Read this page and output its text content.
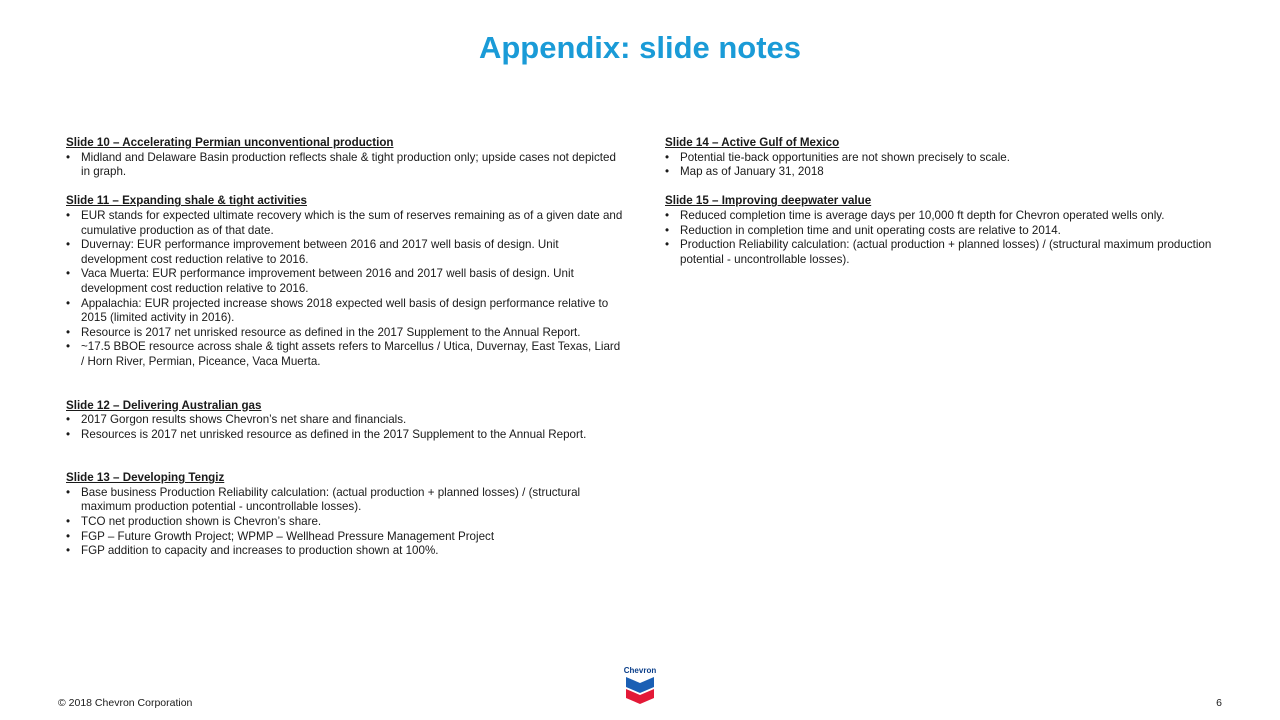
Appendix: slide notes
Slide 10 – Accelerating Permian unconventional production
• Midland and Delaware Basin production reflects shale & tight production only; upside cases not depicted in graph.
Slide 11 – Expanding shale & tight activities
• EUR stands for expected ultimate recovery which is the sum of reserves remaining as of a given date and cumulative production as of that date.
• Duvernay: EUR performance improvement between 2016 and 2017 well basis of design. Unit development cost reduction relative to 2016.
• Vaca Muerta: EUR performance improvement between 2016 and 2017 well basis of design. Unit development cost reduction relative to 2016.
• Appalachia: EUR projected increase shows 2018 expected well basis of design performance relative to 2015 (limited activity in 2016).
• Resource is 2017 net unrisked resource as defined in the 2017 Supplement to the Annual Report.
• ~17.5 BBOE resource across shale & tight assets refers to Marcellus / Utica, Duvernay, East Texas, Liard / Horn River, Permian, Piceance, Vaca Muerta.
Slide 12 – Delivering Australian gas
• 2017 Gorgon results shows Chevron’s net share and financials.
• Resources is 2017 net unrisked resource as defined in the 2017 Supplement to the Annual Report.
Slide 13 – Developing Tengiz
• Base business Production Reliability calculation: (actual production + planned losses) / (structural maximum production potential - uncontrollable losses).
• TCO net production shown is Chevron’s share.
• FGP – Future Growth Project; WPMP – Wellhead Pressure Management Project
• FGP addition to capacity and increases to production shown at 100%.
Slide 14 – Active Gulf of Mexico
• Potential tie-back opportunities are not shown precisely to scale.
• Map as of January 31, 2018
Slide 15 – Improving deepwater value
• Reduced completion time is average days per 10,000 ft depth for Chevron operated wells only.
• Reduction in completion time and unit operating costs are relative to 2014.
• Production Reliability calculation: (actual production + planned losses) / (structural maximum production potential - uncontrollable losses).
Chevron
© 2018 Chevron Corporation	6
